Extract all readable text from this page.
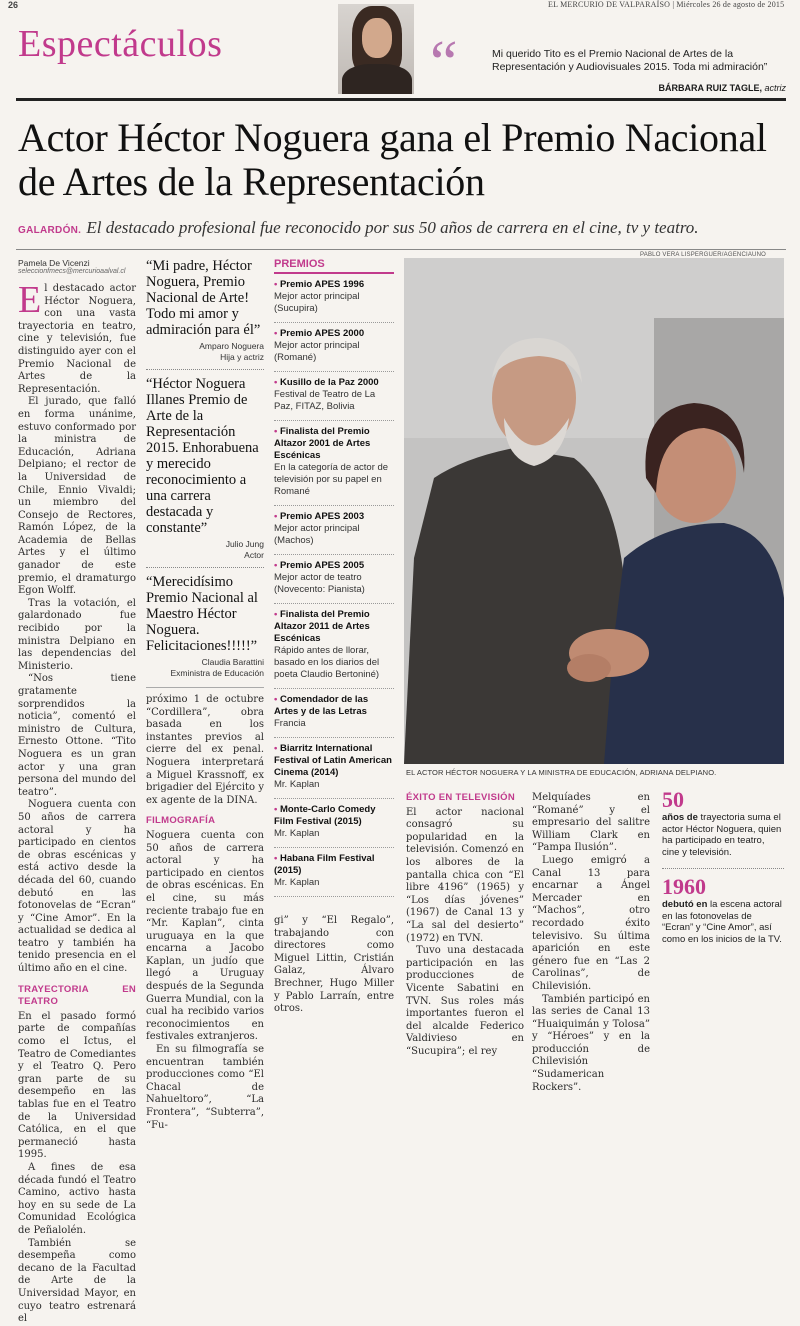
26	EL MERCURIO DE VALPARAÍSO | Miércoles 26 de agosto de 2015
Espectáculos	“	Mi querido Tito es el Premio Nacional de Artes de la Representación y Audiovisuales 2015. Toda mi admiración”
BÁRBARA RUIZ TAGLE, actriz
Actor Héctor Noguera gana el Premio Nacional de Artes de la Representación
GALARDÓN. El destacado profesional fue reconocido por sus 50 años de carrera en el cine, tv y teatro.
Pamela De Vicenzi
seleccionfmecs@mercurioaalval.cl
E l destacado actor Héctor Noguera, con una vasta trayectoria en teatro, cine y televisión, fue distinguido ayer con el Premio Nacional de Artes de la Representación.

El jurado, que falló en forma unánime, estuvo conformado por la ministra de Educación, Adriana Delpiano; el rector de la Universidad de Chile, Ennio Vivaldi; un miembro del Consejo de Rectores, Ramón López, de la Academia de Bellas Artes y el último ganador de este premio, el dramaturgo Egon Wolff.

Tras la votación, el galardonado fue recibido por la ministra Delpiano en las dependencias del Ministerio.

“Nos tiene gratamente sorprendidos la noticia”, comentó el ministro de Cultura, Ernesto Ottone. “Tito Noguera es un gran actor y una gran persona del mundo del teatro”.

Noguera cuenta con 50 años de carrera actoral y ha participado en cientos de obras escénicas y está activo desde la década del 60, cuando debutó en las fotonovelas de “Ecran” y “Cine Amor”. En la actualidad se dedica al teatro y también ha tenido presencia en el último año en el cine.

TRAYECTORIA EN TEATRO

En el pasado formó parte de compañías como el Ictus, el Teatro de Comediantes y el Teatro Q. Pero gran parte de su desempeño en las tablas fue en el Teatro de la Universidad Católica, en el que permaneció hasta 1995.

A fines de esa década fundó el Teatro Camino, activo hasta hoy en su sede de La Comunidad Ecológica de Peñalolén.

También se desempeña como decano de la Facultad de Arte de la Universidad Mayor, en cuyo teatro estrenará el

“Mi padre, Héctor Noguera, Premio Nacional de Arte! Todo mi amor y admiración para él”
Amparo Noguera
Hija y actriz
“Héctor Noguera Illanes Premio de Arte de la Representación 2015. Enhorabuena y merecido reconocimiento a una carrera destacada y constante”
Julio Jung
Actor
“Merecidísimo Premio Nacional al Maestro Héctor Noguera. Felicitaciones!!!!!”
Claudia Barattini
Exministra de Educación

próximo 1 de octubre “Cordillera”, obra basada en los instantes previos al cierre del ex penal. Noguera interpretará a Miguel Krassnoff, ex brigadier del Ejército y ex agente de la DINA.

FILMOGRAFÍA

Noguera cuenta con 50 años de carrera actoral y ha participado en cientos de obras escénicas. En el cine, su más reciente trabajo fue en “Mr. Kaplan”, cinta uruguaya en la que encarna a Jacobo Kaplan, un judío que llegó a Uruguay después de la Segunda Guerra Mundial, con la cual ha recibido varios reconocimientos en festivales extranjeros.

En su filmografía se encuentran también producciones como “El Chacal de Nahueltoro”, “La Frontera”, “Subterra”, “Fu-

PREMIOS
• Premio APES 1996
Mejor actor principal (Sucupira)
• Premio APES 2000
Mejor actor principal (Romané)
• Kusillo de la Paz 2000
Festival de Teatro de La Paz, FITAZ, Bolivia
• Finalista del Premio Altazor 2001 de Artes Escénicas
En la categoría de actor de televisión por su papel en Romané
• Premio APES 2003
Mejor actor principal (Machos)
• Premio APES 2005
Mejor actor de teatro (Novecento: Pianista)
• Finalista del Premio Altazor 2011 de Artes Escénicas
Rápido antes de llorar, basado en los diarios del poeta Claudio Bertoniné)
• Comendador de las Artes y de las Letras
Francia
• Biarritz International Festival of Latin American Cinema (2014)
Mr. Kaplan
• Monte-Carlo Comedy Film Festival (2015)
Mr. Kaplan
• Habana Film Festival (2015)
Mr. Kaplan

gi” y “El Regalo”, trabajando con directores como Miguel Littin, Cristián Galaz, Álvaro Brechner, Hugo Miller y Pablo Larraín, entre otros.

PABLO VERA LISPERGUER/AGENCIAUNO
EL ACTOR HÉCTOR NOGUERA Y LA MINISTRA DE EDUCACIÓN, ADRIANA DELPIANO.
ÉXITO EN TELEVISIÓN

El actor nacional consagró su popularidad en la televisión. Comenzó en los albores de la pantalla chica con “El libre 4196” (1965) y “Los días jóvenes” (1967) de Canal 13 y “La sal del desierto” (1972) en TVN.

Tuvo una destacada participación en las producciones de Vicente Sabatini en TVN. Sus roles más importantes fueron el del alcalde Federico Valdivieso en “Sucupira”; el rey

Melquíades en “Romané” y el empresario del salitre William Clark en “Pampa Ilusión”.

Luego emigró a Canal 13 para encarnar a Ángel Mercader en “Machos”, otro recordado éxito televisivo. Su última aparición en este género fue en “Las 2 Carolinas”, de Chilevisión.

También participó en las series de Canal 13 “Huaiquimán y Tolosa” y “Héroes” y en la producción de Chilevisión “Sudamerican Rockers”.

50
años de trayectoria suma el actor Héctor Noguera, quien ha participado en teatro, cine y televisión.
1960
debutó en la escena actoral en las fotonovelas de “Ecran” y “Cine Amor”, así como en los inicios de la TV.
